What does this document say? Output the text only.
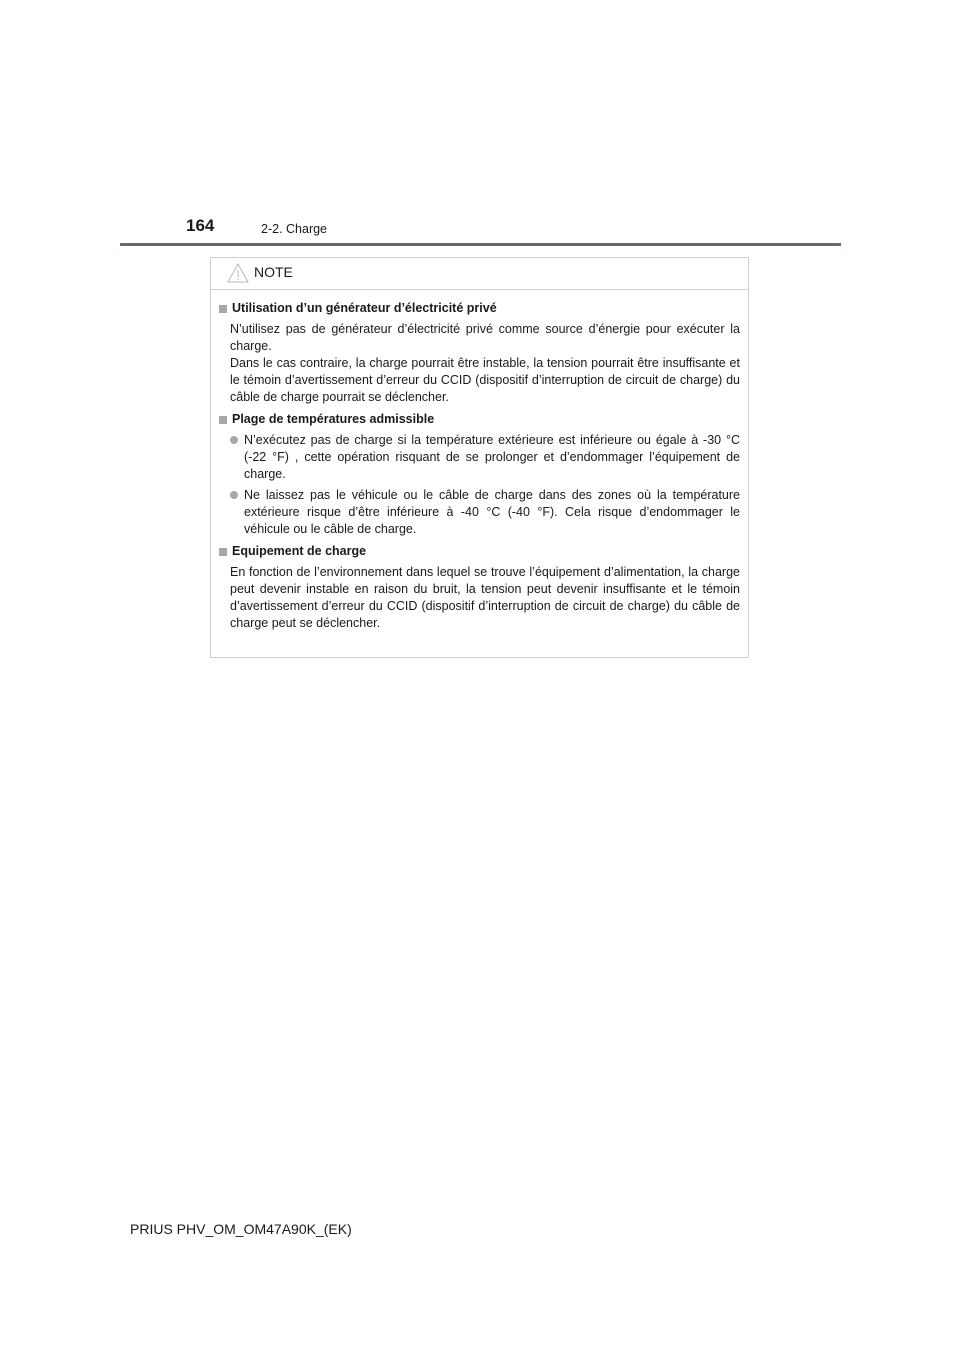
164	2-2. Charge
NOTE
Utilisation d’un générateur d’électricité privé

N’utilisez pas de générateur d’électricité privé comme source d’énergie pour exécuter la charge.

Dans le cas contraire, la charge pourrait être instable, la tension pourrait être insuffisante et le témoin d’avertissement d’erreur du CCID (dispositif d’interruption de circuit de charge) du câble de charge pourrait se déclencher.

Plage de températures admissible
N’exécutez pas de charge si la température extérieure est inférieure ou égale à -30 °C (-22 °F) , cette opération risquant de se prolonger et d’endommager l’équipement de charge.
Ne laissez pas le véhicule ou le câble de charge dans des zones où la température extérieure risque d’être inférieure à -40 °C (-40 °F). Cela risque d’endommager le véhicule ou le câble de charge.
Equipement de charge

En fonction de l’environnement dans lequel se trouve l’équipement d’alimentation, la charge peut devenir instable en raison du bruit, la tension peut devenir insuffisante et le témoin d’avertissement d’erreur du CCID (dispositif d’interruption de circuit de charge) du câble de charge peut se déclencher.

PRIUS PHV_OM_OM47A90K_(EK)
